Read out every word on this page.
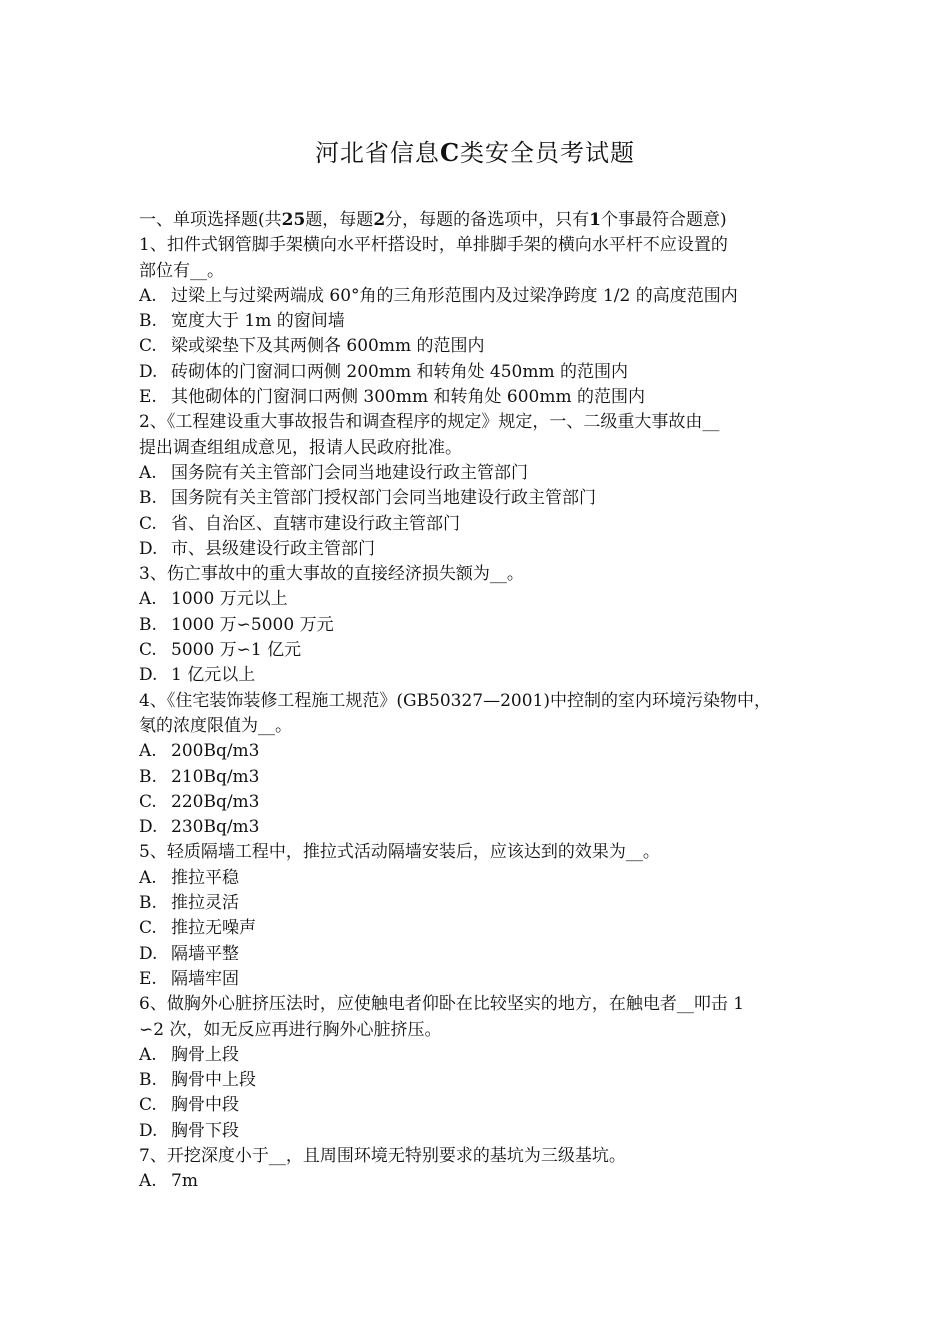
河北省信息C类安全员考试题
一、单项选择题(共25题，每题2分，每题的备选项中，只有1个事最符合题意)
1、扣件式钢管脚手架横向水平杆搭设时，单排脚手架的横向水平杆不应设置的
部位有__。
A. 过梁上与过梁两端成 60°角的三角形范围内及过梁净跨度 1/2 的高度范围内
B. 宽度大于 1m 的窗间墙
C. 梁或梁垫下及其两侧各 600mm 的范围内
D. 砖砌体的门窗洞口两侧 200mm 和转角处 450mm 的范围内
E. 其他砌体的门窗洞口两侧 300mm 和转角处 600mm 的范围内
2、《工程建设重大事故报告和调查程序的规定》规定，一、二级重大事故由__
提出调查组组成意见，报请人民政府批准。
A. 国务院有关主管部门会同当地建设行政主管部门
B. 国务院有关主管部门授权部门会同当地建设行政主管部门
C. 省、自治区、直辖市建设行政主管部门
D. 市、县级建设行政主管部门
3、伤亡事故中的重大事故的直接经济损失额为__。
A. 1000 万元以上
B. 1000 万∽5000 万元
C. 5000 万∽1 亿元
D. 1 亿元以上
4、《住宅装饰装修工程施工规范》(GB50327—2001)中控制的室内环境污染物中，
氡的浓度限值为__。
A. 200Bq/m3
B. 210Bq/m3
C. 220Bq/m3
D. 230Bq/m3
5、轻质隔墙工程中，推拉式活动隔墙安装后，应该达到的效果为__。
A. 推拉平稳
B. 推拉灵活
C. 推拉无噪声
D. 隔墙平整
E. 隔墙牢固
6、做胸外心脏挤压法时，应使触电者仰卧在比较坚实的地方，在触电者__叩击 1
∽2 次，如无反应再进行胸外心脏挤压。
A. 胸骨上段
B. 胸骨中上段
C. 胸骨中段
D. 胸骨下段
7、开挖深度小于__，且周围环境无特别要求的基坑为三级基坑。
A. 7m
